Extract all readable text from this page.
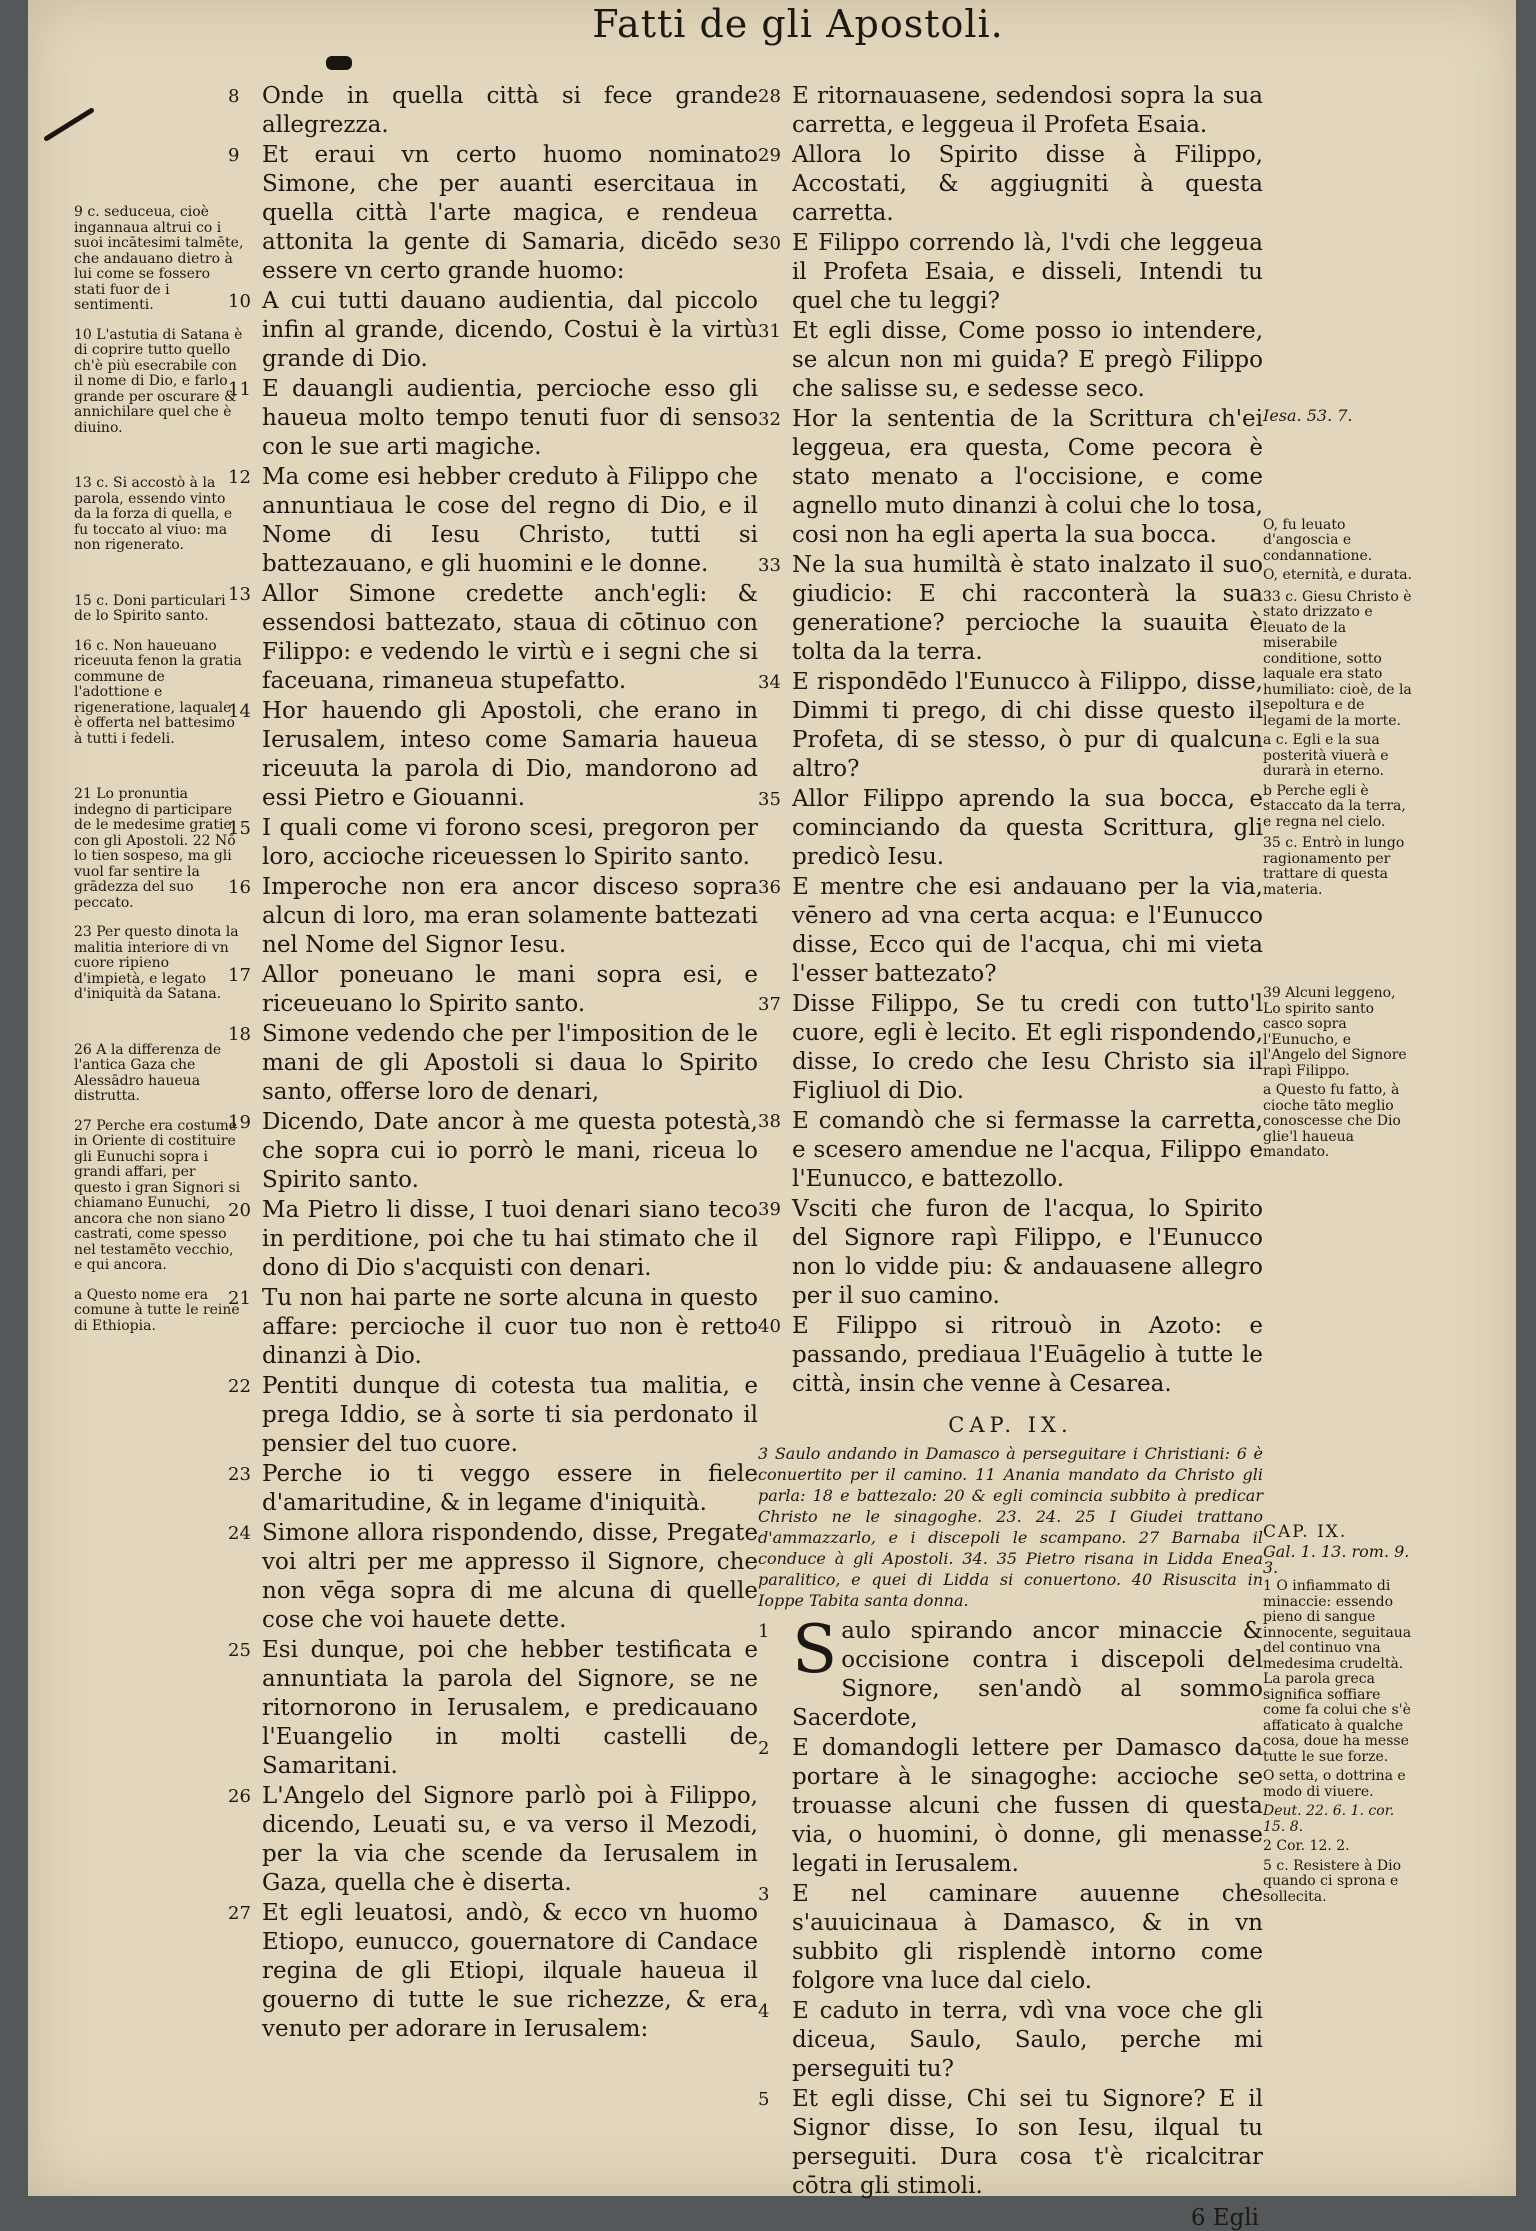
Fatti de gli Apostoli.
9 c. seduceua, cioè ingannaua altrui co i suoi incātesimi talmēte, che andauano dietro à lui come se fossero stati fuor de i sentimenti.
10 L'astutia di Satana è di coprire tutto quello ch'è più esecrabile con il nome di Dio, e farlo grande per oscurare & annichilare quel che è diuino.
13 c. Si accostò à la parola, essendo vinto da la forza di quella, e fu toccato al viuo: ma non rigenerato.
15 c. Doni particulari de lo Spirito santo.
16 c. Non haueuano riceuuta fenon la gratia commune de l'adottione e rigeneratione, laquale è offerta nel battesimo à tutti i fedeli.
21 Lo pronuntia indegno di participare de le medesime gratie con gli Apostoli. 22 Nō lo tien sospeso, ma gli vuol far sentire la grādezza del suo peccato.
23 Per questo dinota la malitia interiore di vn cuore ripieno d'impietà, e legato d'iniquità da Satana.
26 A la differenza de l'antica Gaza che Alessādro haueua distrutta.
27 Perche era costume in Oriente di costituire gli Eunuchi sopra i grandi affari, per questo i gran Signori si chiamano Eunuchi, ancora che non siano castrati, come spesso nel testamēto vecchio, e qui ancora.
a Questo nome era comune à tutte le reine di Ethiopia.
8 Onde in quella città si fece grande allegrezza.
9 Et eraui vn certo huomo nominato Simone, che per auanti esercitaua in quella città l'arte magica, e rendeua attonita la gente di Samaria, dicēdo se essere vn certo grande huomo:
10 A cui tutti dauano audientia, dal piccolo infin al grande, dicendo, Costui è la virtù grande di Dio.
11 E dauangli audientia, percioche esso gli haueua molto tempo tenuti fuor di senso con le sue arti magiche.
12 Ma come esi hebber creduto à Filippo che annuntiaua le cose del regno di Dio, e il Nome di Iesu Christo, tutti si battezauano, e gli huomini e le donne.
13 Allor Simone credette anch'egli: & essendosi battezato, staua di cōtinuo con Filippo: e vedendo le virtù e i segni che si faceuana, rimaneua stupefatto.
14 Hor hauendo gli Apostoli, che erano in Ierusalem, inteso come Samaria haueua riceuuta la parola di Dio, mandorono ad essi Pietro e Giouanni.
15 I quali come vi forono scesi, pregoron per loro, accioche riceuessen lo Spirito santo.
16 Imperoche non era ancor disceso sopra alcun di loro, ma eran solamente battezati nel Nome del Signor Iesu.
17 Allor poneuano le mani sopra esi, e riceueuano lo Spirito santo.
18 Simone vedendo che per l'imposition de le mani de gli Apostoli si daua lo Spirito santo, offerse loro de denari,
19 Dicendo, Date ancor à me questa potestà, che sopra cui io porrò le mani, riceua lo Spirito santo.
20 Ma Pietro li disse, I tuoi denari siano teco in perditione, poi che tu hai stimato che il dono di Dio s'acquisti con denari.
21 Tu non hai parte ne sorte alcuna in questo affare: percioche il cuor tuo non è retto dinanzi à Dio.
22 Pentiti dunque di cotesta tua malitia, e prega Iddio, se à sorte ti sia perdonato il pensier del tuo cuore.
23 Perche io ti veggo essere in fiele d'amaritudine, & in legame d'iniquità.
24 Simone allora rispondendo, disse, Pregate voi altri per me appresso il Signore, che non vēga sopra di me alcuna di quelle cose che voi hauete dette.
25 Esi dunque, poi che hebber testificata e annuntiata la parola del Signore, se ne ritornorono in Ierusalem, e predicauano l'Euangelio in molti castelli de Samaritani.
26 L'Angelo del Signore parlò poi à Filippo, dicendo, Leuati su, e va verso il Mezodi, per la via che scende da Ierusalem in Gaza, quella che è diserta.
27 Et egli leuatosi, andò, & ecco vn huomo Etiopo, eunucco, gouernatore di Candace regina de gli Etiopi, ilquale haueua il gouerno di tutte le sue richezze, & era venuto per adorare in Ierusalem:
28 E ritornauasene, sedendosi sopra la sua carretta, e leggeua il Profeta Esaia.
29 Allora lo Spirito disse à Filippo, Accostati, & aggiugniti à questa carretta.
30 E Filippo correndo là, l'vdi che leggeua il Profeta Esaia, e disseli, Intendi tu quel che tu leggi?
31 Et egli disse, Come posso io intendere, se alcun non mi guida? E pregò Filippo che salisse su, e sedesse seco.
32 Hor la sententia de la Scrittura ch'ei leggeua, era questa, Come pecora è stato menato a l'occisione, e come agnello muto dinanzi à colui che lo tosa, cosi non ha egli aperta la sua bocca.
33 Ne la sua humiltà è stato inalzato il suo giudicio: E chi racconterà la sua generatione? percioche la suauita è tolta da la terra.
34 E rispondēdo l'Eunucco à Filippo, disse, Dimmi ti prego, di chi disse questo il Profeta, di se stesso, ò pur di qualcun altro?
35 Allor Filippo aprendo la sua bocca, e cominciando da questa Scrittura, gli predicò Iesu.
36 E mentre che esi andauano per la via, vēnero ad vna certa acqua: e l'Eunucco disse, Ecco qui de l'acqua, chi mi vieta l'esser battezato?
37 Disse Filippo, Se tu credi con tutto'l cuore, egli è lecito. Et egli rispondendo, disse, Io credo che Iesu Christo sia il Figliuol di Dio.
38 E comandò che si fermasse la carretta, e scesero amendue ne l'acqua, Filippo e l'Eunucco, e battezollo.
39 Vsciti che furon de l'acqua, lo Spirito del Signore rapì Filippo, e l'Eunucco non lo vidde piu: & andauasene allegro per il suo camino.
40 E Filippo si ritrouò in Azoto: e passando, prediaua l'Euāgelio à tutte le città, insin che venne à Cesarea.
CAP. IX.
3 Saulo andando in Damasco à perseguitare i Christiani: 6 è conuertito per il camino. 11 Anania mandato da Christo gli parla: 18 e battezalo: 20 & egli comincia subbito à predicar Christo ne le sinagoghe. 23. 24. 25 I Giudei trattano d'ammazzarlo, e i discepoli le scampano. 27 Barnaba il conduce à gli Apostoli. 34. 35 Pietro risana in Lidda Enea paralitico, e quei di Lidda si conuertono. 40 Risuscita in Ioppe Tabita santa donna.
1 S aulo spirando ancor minaccie & occisione contra i discepoli del Signore, sen'andò al sommo Sacerdote,
2 E domandogli lettere per Damasco da portare à le sinagoghe: accioche se trouasse alcuni che fussen di questa via, o huomini, ò donne, gli menasse legati in Ierusalem.
3 E nel caminare auuenne che s'auuicinaua à Damasco, & in vn subbito gli risplendè intorno come folgore vna luce dal cielo.
4 E caduto in terra, vdì vna voce che gli diceua, Saulo, Saulo, perche mi perseguiti tu?
5 Et egli disse, Chi sei tu Signore? E il Signor disse, Io son Iesu, ilqual tu perseguiti. Dura cosa t'è ricalcitrar cōtra gli stimoli.
6 Egli
Iesa. 53. 7.
O, fu leuato d'angoscia e condannatione.
O, eternità, e durata.
33 c. Giesu Christo è stato drizzato e leuato de la miserabile conditione, sotto laquale era stato humiliato: cioè, de la sepoltura e de legami de la morte.
a c. Egli e la sua posterità viuerà e durarà in eterno.
b Perche egli è staccato da la terra, e regna nel cielo.
35 c. Entrò in lungo ragionamento per trattare di questa materia.
39 Alcuni leggeno, Lo spirito santo casco sopra l'Eunucho, e l'Angelo del Signore rapì Filippo.
a Questo fu fatto, à cioche tāto meglio conoscesse che Dio glie'l haueua mandato.
CAP. IX.
Gal. 1. 13. rom. 9. 3.
1 O infiammato di minaccie: essendo pieno di sangue innocente, seguitaua del continuo vna medesima crudeltà. La parola greca significa soffiare come fa colui che s'è affaticato à qualche cosa, doue ha messe tutte le sue forze.
O setta, o dottrina e modo di viuere.
Deut. 22. 6. 1. cor. 15. 8.
2 Cor. 12. 2.
5 c. Resistere à Dio quando ci sprona e sollecita.
